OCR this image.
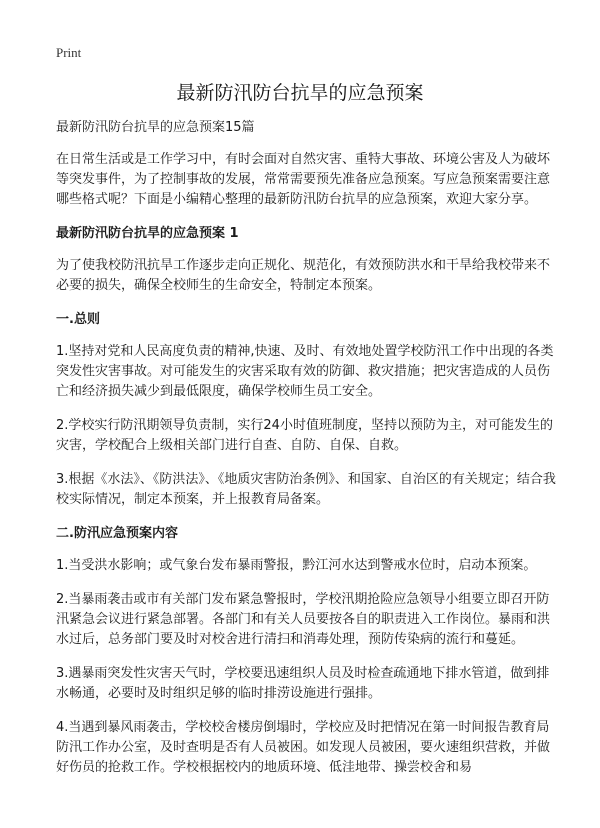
Print
最新防汛防台抗旱的应急预案

最新防汛防台抗旱的应急预案15篇

在日常生活或是工作学习中，有时会面对自然灾害、重特大事故、环境公害及人为破坏等突发事件，为了控制事故的发展，常常需要预先准备应急预案。写应急预案需要注意哪些格式呢？下面是小编精心整理的最新防汛防台抗旱的应急预案，欢迎大家分享。

最新防汛防台抗旱的应急预案 1

为了使我校防汛抗旱工作逐步走向正规化、规范化，有效预防洪水和干旱给我校带来不必要的损失，确保全校师生的生命安全，特制定本预案。

一.总则

1.坚持对党和人民高度负责的精神,快速、及时、有效地处置学校防汛工作中出现的各类突发性灾害事故。对可能发生的灾害采取有效的防御、救灾措施；把灾害造成的人员伤亡和经济损失减少到最低限度，确保学校师生员工安全。

2.学校实行防汛期领导负责制，实行24小时值班制度，坚持以预防为主，对可能发生的灾害，学校配合上级相关部门进行自查、自防、自保、自救。

3.根据《水法》、《防洪法》、《地质灾害防治条例》、和国家、自治区的有关规定；结合我校实际情况，制定本预案，并上报教育局备案。

二.防汛应急预案内容

1.当受洪水影响；或气象台发布暴雨警报，黔江河水达到警戒水位时，启动本预案。

2.当暴雨袭击或市有关部门发布紧急警报时，学校汛期抢险应急领导小组要立即召开防汛紧急会议进行紧急部署。各部门和有关人员要按各自的职责进入工作岗位。暴雨和洪水过后，总务部门要及时对校舍进行清扫和消毒处理，预防传染病的流行和蔓延。

3.遇暴雨突发性灾害天气时，学校要迅速组织人员及时检查疏通地下排水管道，做到排水畅通，必要时及时组织足够的临时排涝设施进行强排。

4.当遇到暴风雨袭击，学校校舍楼房倒塌时，学校应及时把情况在第一时间报告教育局防汛工作办公室，及时查明是否有人员被困。如发现人员被困，要火速组织营救，并做好伤员的抢救工作。学校根据校内的地质环境、低洼地带、操尝校舍和易
